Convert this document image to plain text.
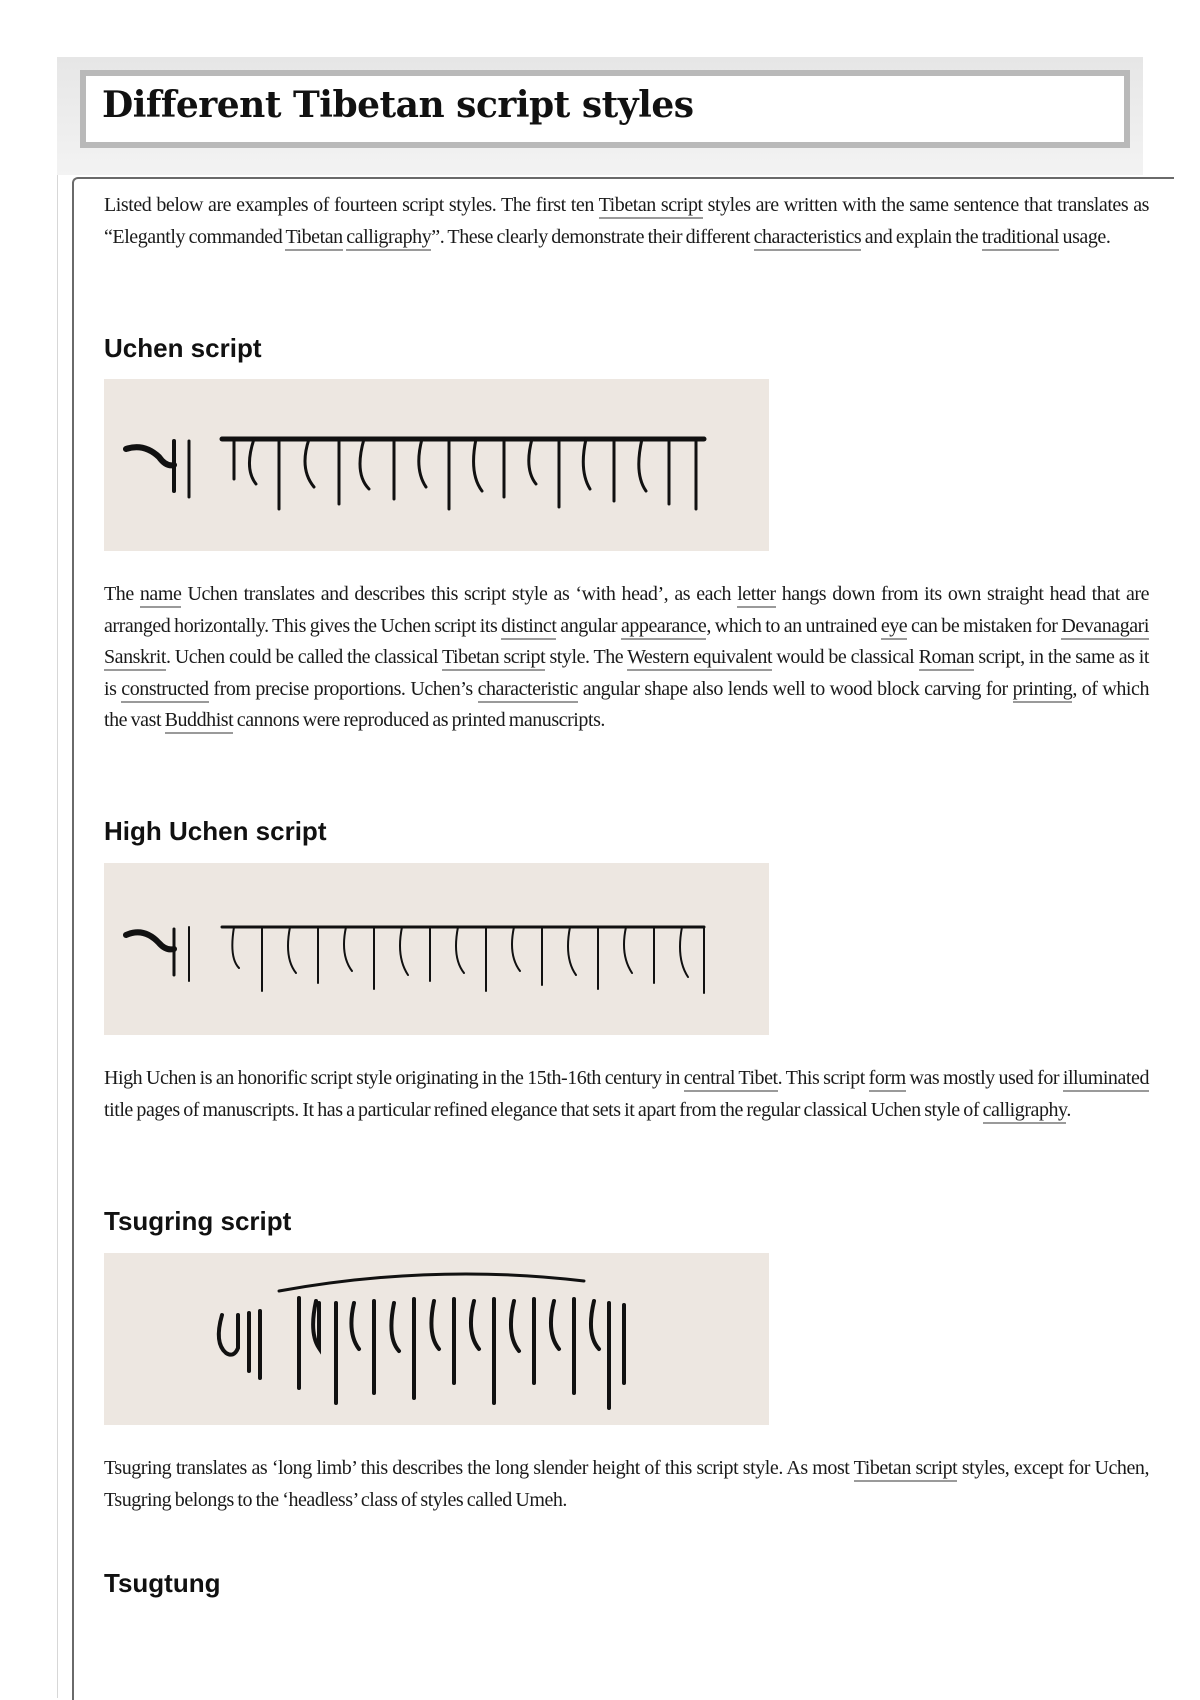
Different Tibetan script styles

Listed below are examples of fourteen script styles. The first ten Tibetan script styles are written with the same sentence that translates as “Elegantly commanded Tibetan calligraphy”. These clearly demonstrate their different characteristics and explain the traditional usage.

Uchen script

The name Uchen translates and describes this script style as ‘with head’, as each letter hangs down from its own straight head that are arranged horizontally. This gives the Uchen script its distinct angular appearance, which to an untrained eye can be mistaken for Devanagari Sanskrit. Uchen could be called the classical Tibetan script style. The Western equivalent would be classical Roman script, in the same as it is constructed from precise proportions. Uchen’s characteristic angular shape also lends well to wood block carving for printing, of which the vast Buddhist cannons were reproduced as printed manuscripts.

High Uchen script

High Uchen is an honorific script style originating in the 15th-16th century in central Tibet. This script form was mostly used for illuminated title pages of manuscripts. It has a particular refined elegance that sets it apart from the regular classical Uchen style of calligraphy.

Tsugring script

Tsugring translates as ‘long limb’ this describes the long slender height of this script style. As most Tibetan script styles, except for Uchen, Tsugring belongs to the ‘headless’ class of styles called Umeh.

Tsugtung
